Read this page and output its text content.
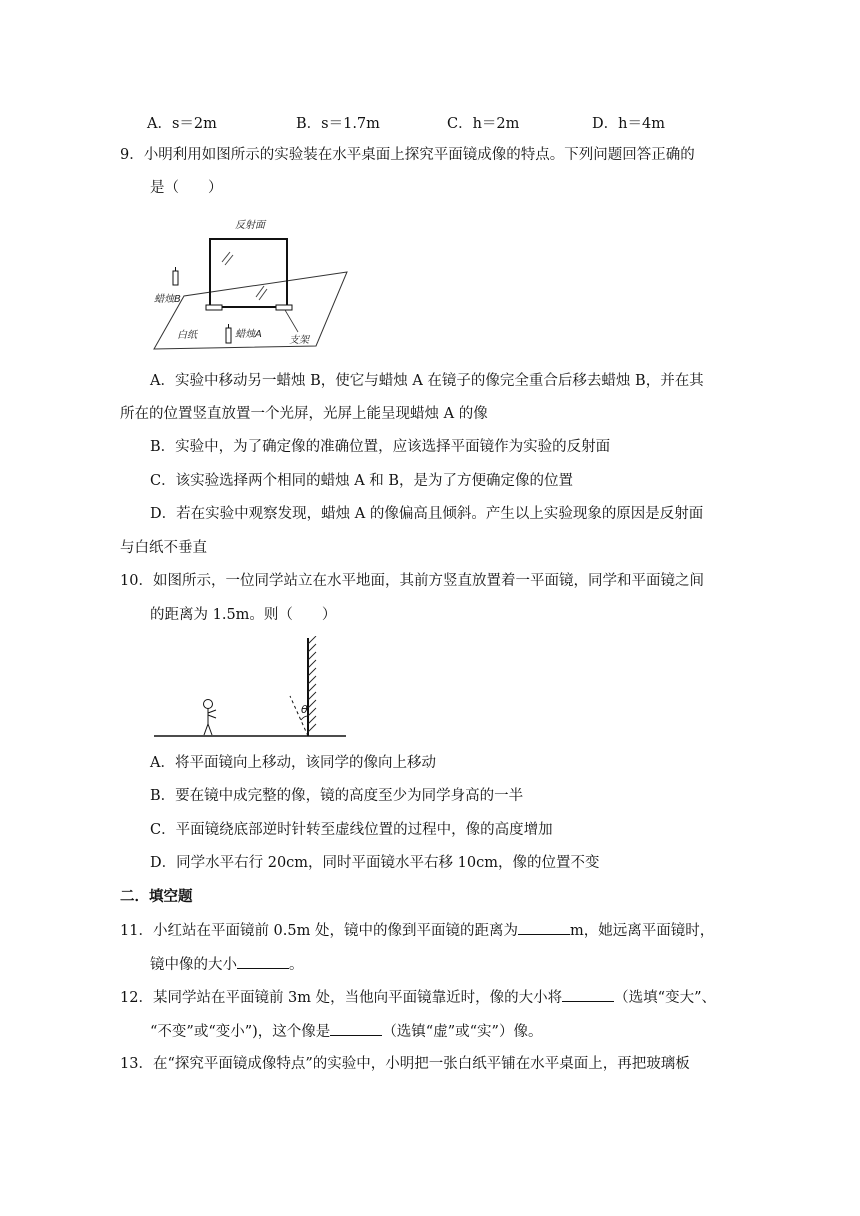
A．s＝2m	B．s＝1.7m	C．h＝2m	D．h＝4m
9．小明利用如图所示的实验装在水平桌面上探究平面镜成像的特点。下列问题回答正确的
是（　　）
反射面
蜡烛B
白纸	蜡烛A
支架
A．实验中移动另一蜡烛 B，使它与蜡烛 A 在镜子的像完全重合后移去蜡烛 B，并在其
所在的位置竖直放置一个光屏，光屏上能呈现蜡烛 A 的像
B．实验中，为了确定像的准确位置，应该选择平面镜作为实验的反射面
C．该实验选择两个相同的蜡烛 A 和 B，是为了方便确定像的位置
D．若在实验中观察发现，蜡烛 A 的像偏高且倾斜。产生以上实验现象的原因是反射面
与白纸不垂直
10．如图所示，一位同学站立在水平地面，其前方竖直放置着一平面镜，同学和平面镜之间
的距离为 1.5m。则（　　）
θ
A．将平面镜向上移动，该同学的像向上移动
B．要在镜中成完整的像，镜的高度至少为同学身高的一半
C．平面镜绕底部逆时针转至虚线位置的过程中，像的高度增加
D．同学水平右行 20cm，同时平面镜水平右移 10cm，像的位置不变
二．填空题
11．小红站在平面镜前 0.5m 处，镜中的像到平面镜的距离为	m，她远离平面镜时，
镜中像的大小	。
12．某同学站在平面镜前 3m 处，当他向平面镜靠近时，像的大小将	（选填“变大”、
“不变”或“变小”)，这个像是	（选镇“虚”或“实”）像。
13．在“探究平面镜成像特点”的实验中，小明把一张白纸平铺在水平桌面上，再把玻璃板
